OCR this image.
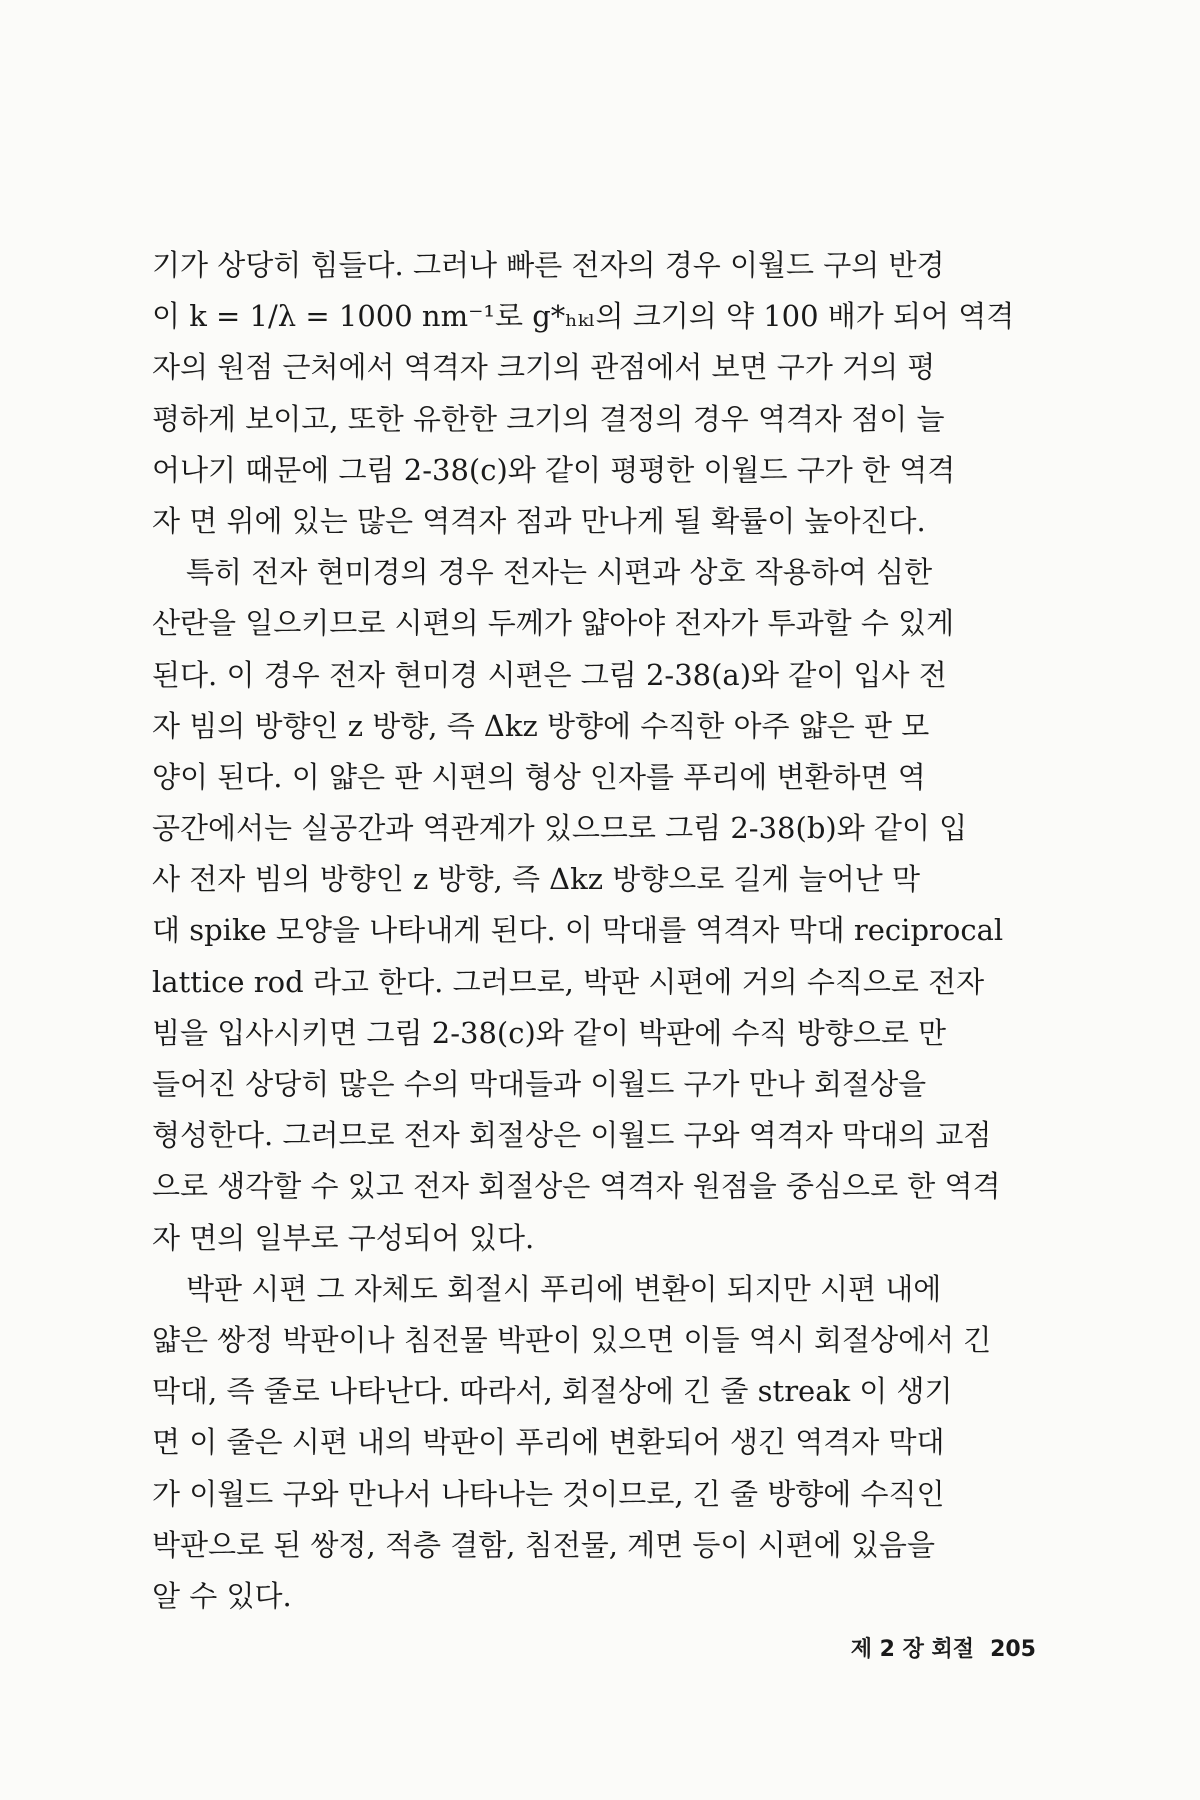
기가 상당히 힘들다. 그러나 빠른 전자의 경우 이월드 구의 반경
이 k = 1/λ = 1000 nm⁻¹로 g*ₕₖₗ의 크기의 약 100 배가 되어 역격
자의 원점 근처에서 역격자 크기의 관점에서 보면 구가 거의 평
평하게 보이고, 또한 유한한 크기의 결정의 경우 역격자 점이 늘
어나기 때문에 그림 2-38(c)와 같이 평평한 이월드 구가 한 역격
자 면 위에 있는 많은 역격자 점과 만나게 될 확률이 높아진다.
특히 전자 현미경의 경우 전자는 시편과 상호 작용하여 심한
산란을 일으키므로 시편의 두께가 얇아야 전자가 투과할 수 있게
된다. 이 경우 전자 현미경 시편은 그림 2-38(a)와 같이 입사 전
자 빔의 방향인 z 방향, 즉 Δkz 방향에 수직한 아주 얇은 판 모
양이 된다. 이 얇은 판 시편의 형상 인자를 푸리에 변환하면 역
공간에서는 실공간과 역관계가 있으므로 그림 2-38(b)와 같이 입
사 전자 빔의 방향인 z 방향, 즉 Δkz 방향으로 길게 늘어난 막
대 spike 모양을 나타내게 된다. 이 막대를 역격자 막대 reciprocal
lattice rod 라고 한다. 그러므로, 박판 시편에 거의 수직으로 전자
빔을 입사시키면 그림 2-38(c)와 같이 박판에 수직 방향으로 만
들어진 상당히 많은 수의 막대들과 이월드 구가 만나 회절상을
형성한다. 그러므로 전자 회절상은 이월드 구와 역격자 막대의 교점
으로 생각할 수 있고 전자 회절상은 역격자 원점을 중심으로 한 역격
자 면의 일부로 구성되어 있다.
박판 시편 그 자체도 회절시 푸리에 변환이 되지만 시편 내에
얇은 쌍정 박판이나 침전물 박판이 있으면 이들 역시 회절상에서 긴
막대, 즉 줄로 나타난다. 따라서, 회절상에 긴 줄 streak 이 생기
면 이 줄은 시편 내의 박판이 푸리에 변환되어 생긴 역격자 막대
가 이월드 구와 만나서 나타나는 것이므로, 긴 줄 방향에 수직인
박판으로 된 쌍정, 적층 결함, 침전물, 계면 등이 시편에 있음을
알 수 있다.
제 2 장 회절 205
